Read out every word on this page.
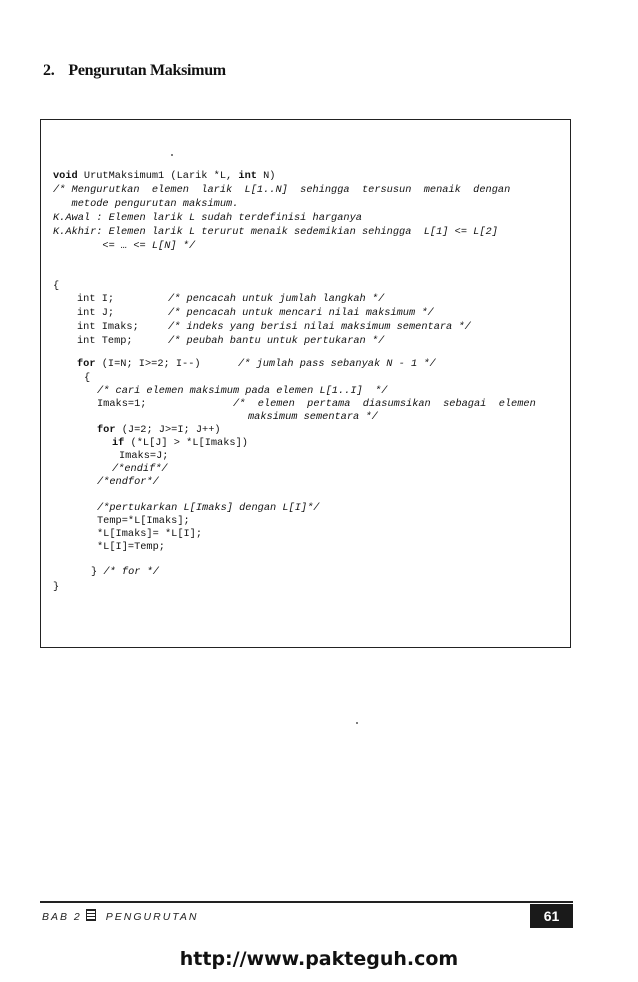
2. Pengurutan Maksimum
void UrutMaksimum1 (Larik *L, int N)
/* Mengurutkan  elemen  larik  L[1..N]  sehingga  tersusun  menaik  dengan
metode pengurutan maksimum.
K.Awal : Elemen larik L sudah terdefinisi harganya
K.Akhir: Elemen larik L terurut menaik sedemikian sehingga  L[1] <= L[2]
<= … <= L[N] */
{
int I;	/* pencacah untuk jumlah langkah */
int J;	/* pencacah untuk mencari nilai maksimum */
int Imaks;	/* indeks yang berisi nilai maksimum sementara */
int Temp;	/* peubah bantu untuk pertukaran */
for (I=N; I>=2; I--)	/* jumlah pass sebanyak N - 1 */
{
/* cari elemen maksimum pada elemen L[1..I]  */
Imaks=1;	/*  elemen  pertama  diasumsikan  sebagai  elemen
maksimum sementara */
for (J=2; J>=I; J++)
if (*L[J] > *L[Imaks])
Imaks=J;
/*endif*/
/*endfor*/
/*pertukarkan L[Imaks] dengan L[I]*/
Temp=*L[Imaks];
*L[Imaks]= *L[I];
*L[I]=Temp;
} /* for */
}
BAB 2 PENGURUTAN	61
http://www.pakteguh.com
